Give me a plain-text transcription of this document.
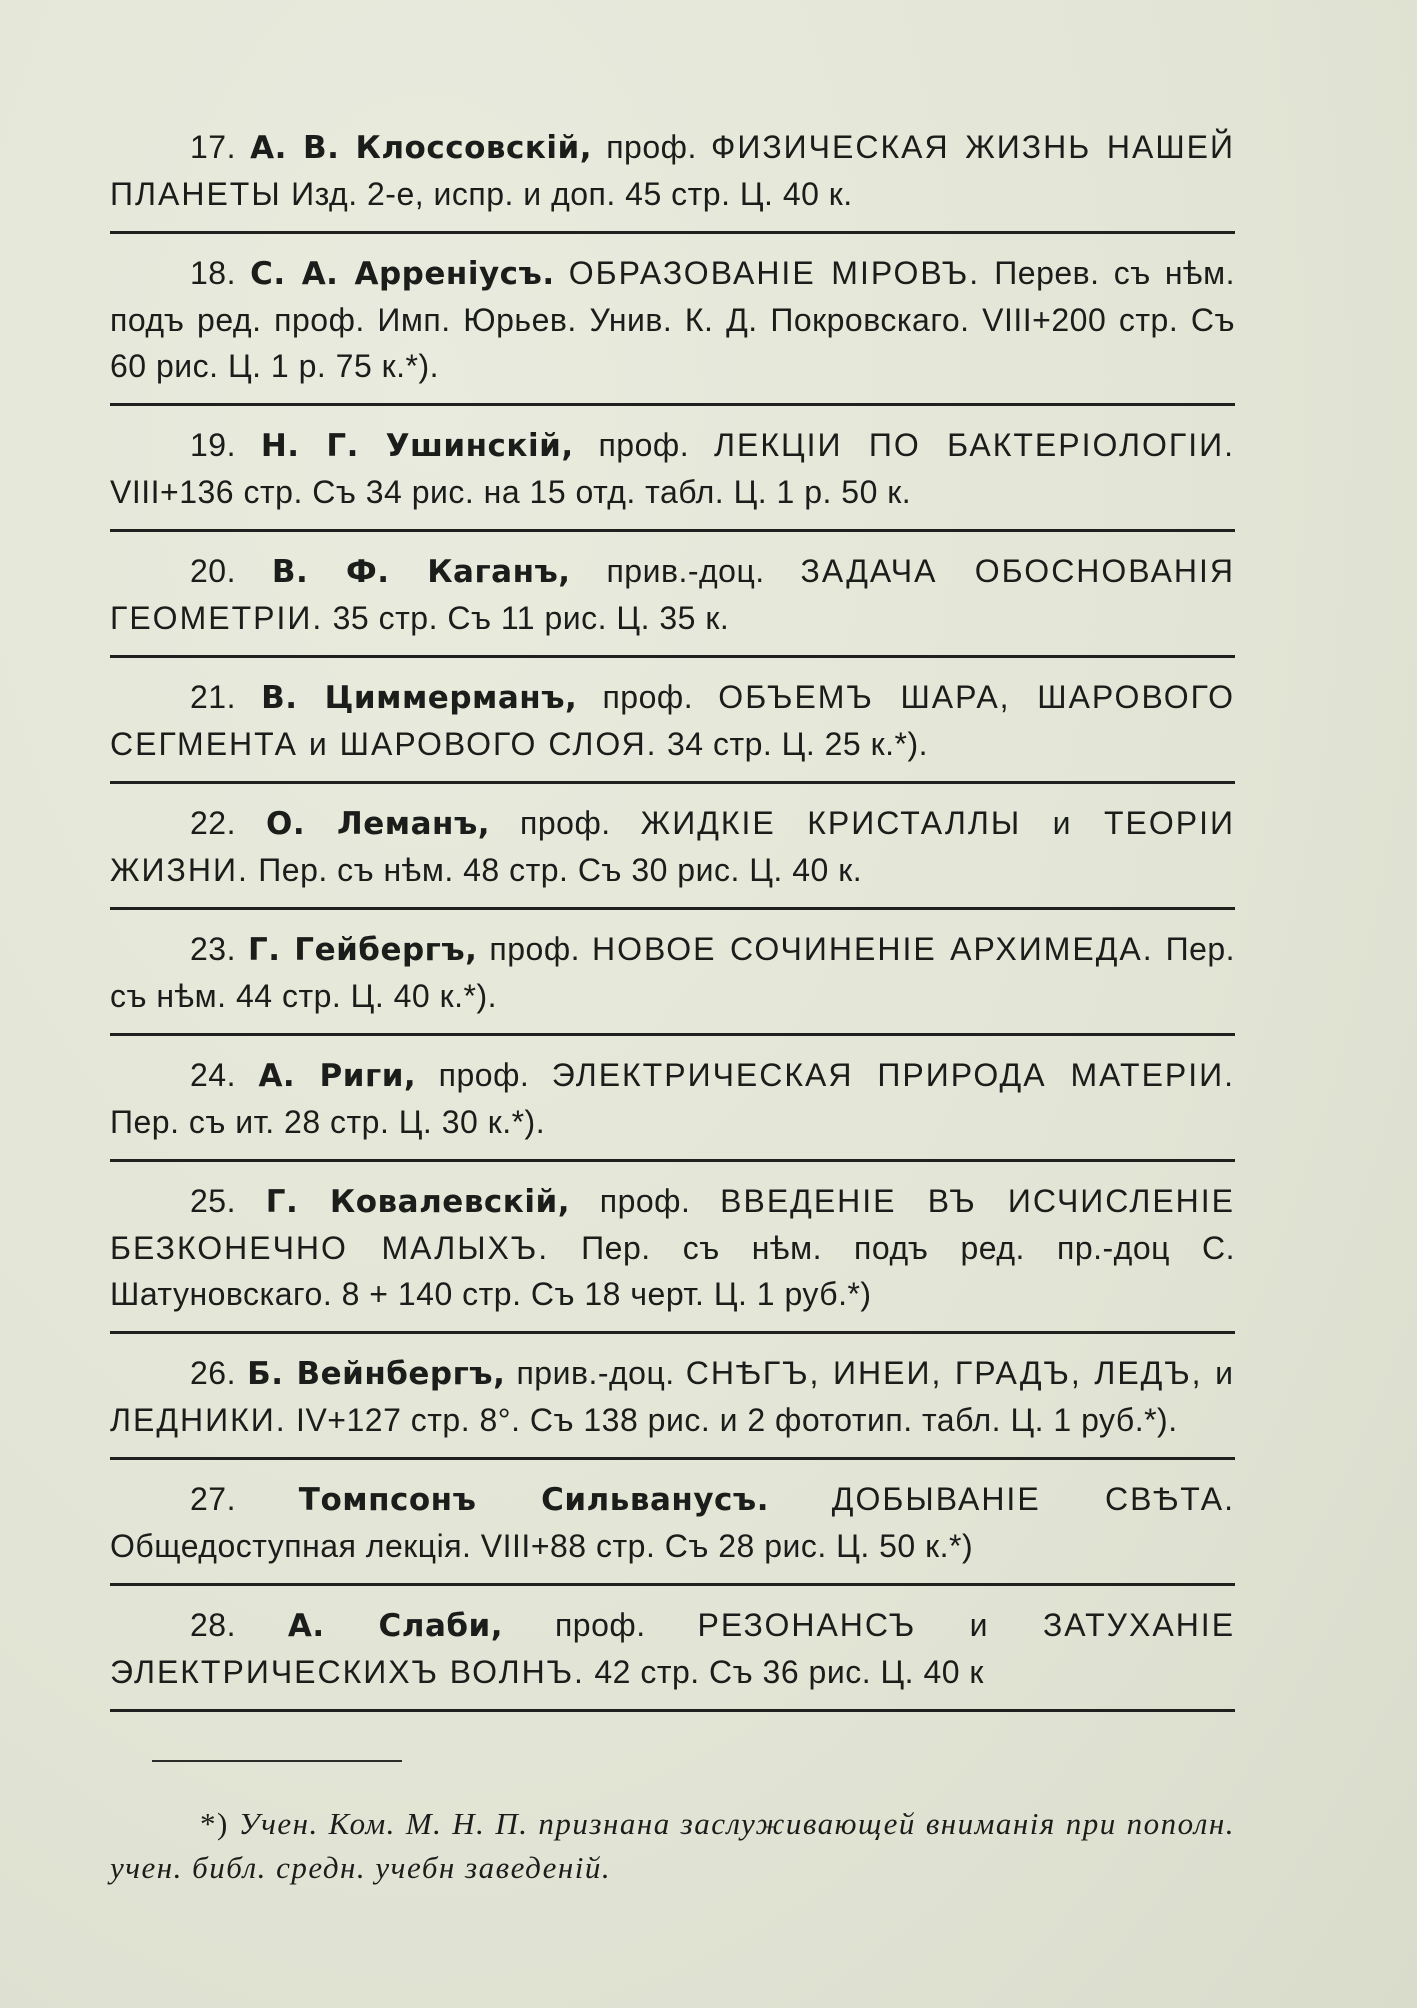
17. А. В. Клоссовскій, проф. ФИЗИЧЕСКАЯ ЖИЗНЬ НАШЕЙ ПЛАНЕТЫ Изд. 2-е, испр. и доп. 45 стр. Ц. 40 к.
18. С. А. Арреніусъ. ОБРАЗОВАНІЕ МІРОВЪ. Перев. съ нѣм. подъ ред. проф. Имп. Юрьев. Унив. К. Д. Покровскаго. VIII+200 стр. Съ 60 рис. Ц. 1 р. 75 к.*).
19. Н. Г. Ушинскій, проф. ЛЕКЦІИ ПО БАКТЕРІОЛОГІИ. VIII+136 стр. Съ 34 рис. на 15 отд. табл. Ц. 1 р. 50 к.
20. В. Ф. Каганъ, прив.-доц. ЗАДАЧА ОБОСНОВАНІЯ ГЕОМЕТРІИ. 35 стр. Съ 11 рис. Ц. 35 к.
21. В. Циммерманъ, проф. ОБЪЕМЪ ШАРА, ШАРОВОГО СЕГМЕНТА и ШАРОВОГО СЛОЯ. 34 стр. Ц. 25 к.*).
22. О. Леманъ, проф. ЖИДКІЕ КРИСТАЛЛЫ и ТЕОРІИ ЖИЗНИ. Пер. съ нѣм. 48 стр. Съ 30 рис. Ц. 40 к.
23. Г. Гейбергъ, проф. НОВОЕ СОЧИНЕНІЕ АРХИМЕДА. Пер. съ нѣм. 44 стр. Ц. 40 к.*).
24. А. Риги, проф. ЭЛЕКТРИЧЕСКАЯ ПРИРОДА МАТЕРІИ. Пер. съ ит. 28 стр. Ц. 30 к.*).
25. Г. Ковалевскій, проф. ВВЕДЕНІЕ ВЪ ИСЧИСЛЕНІЕ БЕЗКОНЕЧНО МАЛЫХЪ. Пер. съ нѣм. подъ ред. пр.-доц С. Шатуновскаго. 8 + 140 стр. Съ 18 черт. Ц. 1 руб.*)
26. Б. Вейнбергъ, прив.-доц. СНѢГЪ, ИНЕИ, ГРАДЪ, ЛЕДЪ, и ЛЕДНИКИ. IV+127 стр. 8°. Съ 138 рис. и 2 фототип. табл. Ц. 1 руб.*).
27. Томпсонъ Сильванусъ. ДОБЫВАНІЕ СВѢТА. Общедоступная лекція. VIII+88 стр. Съ 28 рис. Ц. 50 к.*)
28. А. Слаби, проф. РЕЗОНАНСЪ и ЗАТУХАНІЕ ЭЛЕКТРИЧЕСКИХЪ ВОЛНЪ. 42 стр. Съ 36 рис. Ц. 40 к
*) Учен. Ком. М. Н. П. признана заслуживающей вниманія при пополн. учен. библ. средн. учебн заведеній.
